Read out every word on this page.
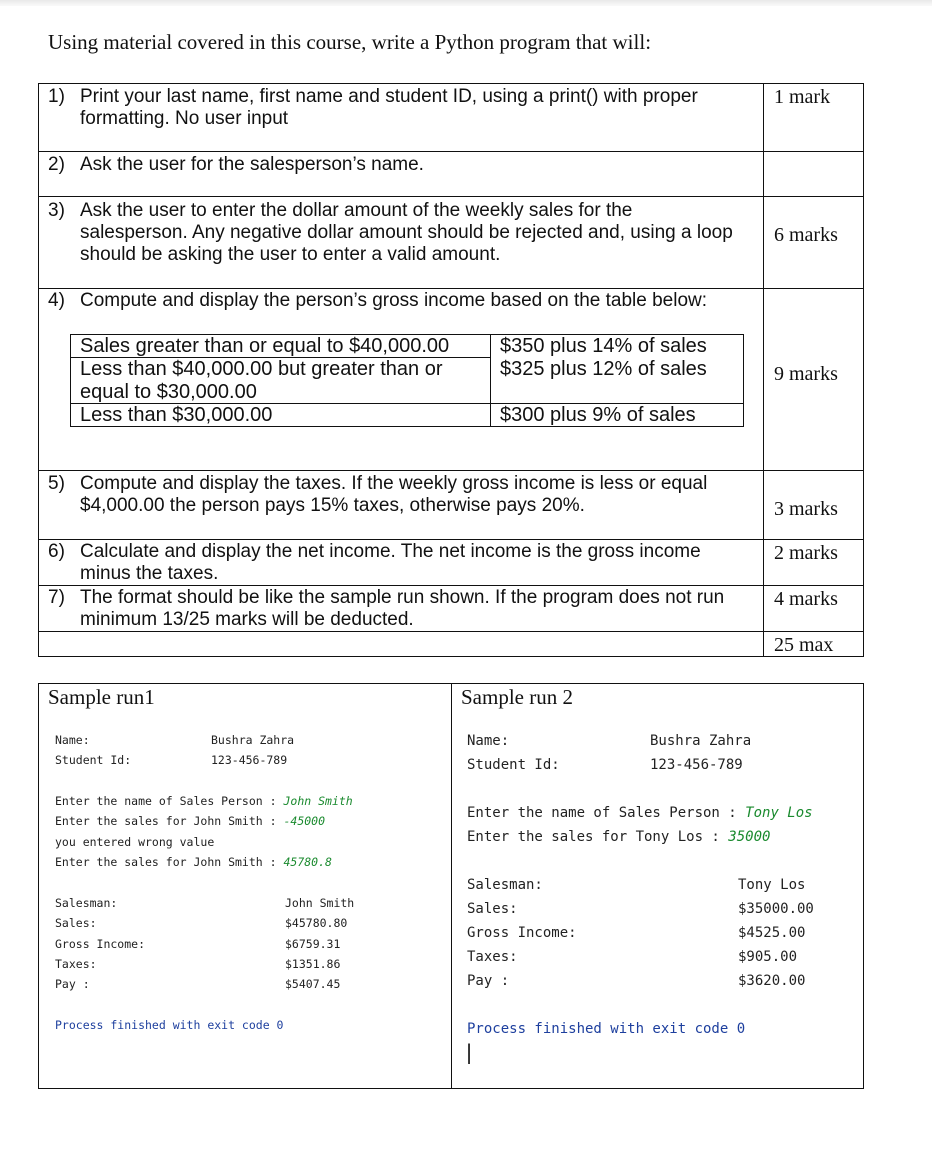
Using material covered in this course, write a Python program that will:
1) Print your last name, first name and student ID, using a print() with proper
formatting. No user input
1 mark
2) Ask the user for the salesperson’s name.
3) Ask the user to enter the dollar amount of the weekly sales for the
salesperson. Any negative dollar amount should be rejected and, using a loop
should be asking the user to enter a valid amount.
6 marks
4) Compute and display the person’s gross income based on the table below:
9 marks
Sales greater than or equal to $40,000.00	$350 plus 14% of sales
Less than $40,000.00 but greater than or
equal to $30,000.00
$325 plus 12% of sales
Less than $30,000.00	$300 plus 9% of sales
5) Compute and display the taxes. If the weekly gross income is less or equal
$4,000.00 the person pays 15% taxes, otherwise pays 20%.	3 marks
6) Calculate and display the net income. The net income is the gross income
minus the taxes.
2 marks
7) The format should be like the sample run shown. If the program does not run
minimum 13/25 marks will be deducted.
4 marks
25 max
Sample run1
Name:	Bushra Zahra
Student Id:	123-456-789
Enter the name of Sales Person : John Smith
Enter the sales for John Smith : -45000
you entered wrong value
Enter the sales for John Smith : 45780.8
Salesman:	John Smith
Sales:	$45780.80
Gross Income:	$6759.31
Taxes:	$1351.86
Pay :	$5407.45
Process finished with exit code 0
Sample run 2
Name:	Bushra Zahra
Student Id:	123-456-789
Enter the name of Sales Person : Tony Los
Enter the sales for Tony Los : 35000
Salesman:	Tony Los
Sales:	$35000.00
Gross Income:	$4525.00
Taxes:	$905.00
Pay :	$3620.00
Process finished with exit code 0
|
